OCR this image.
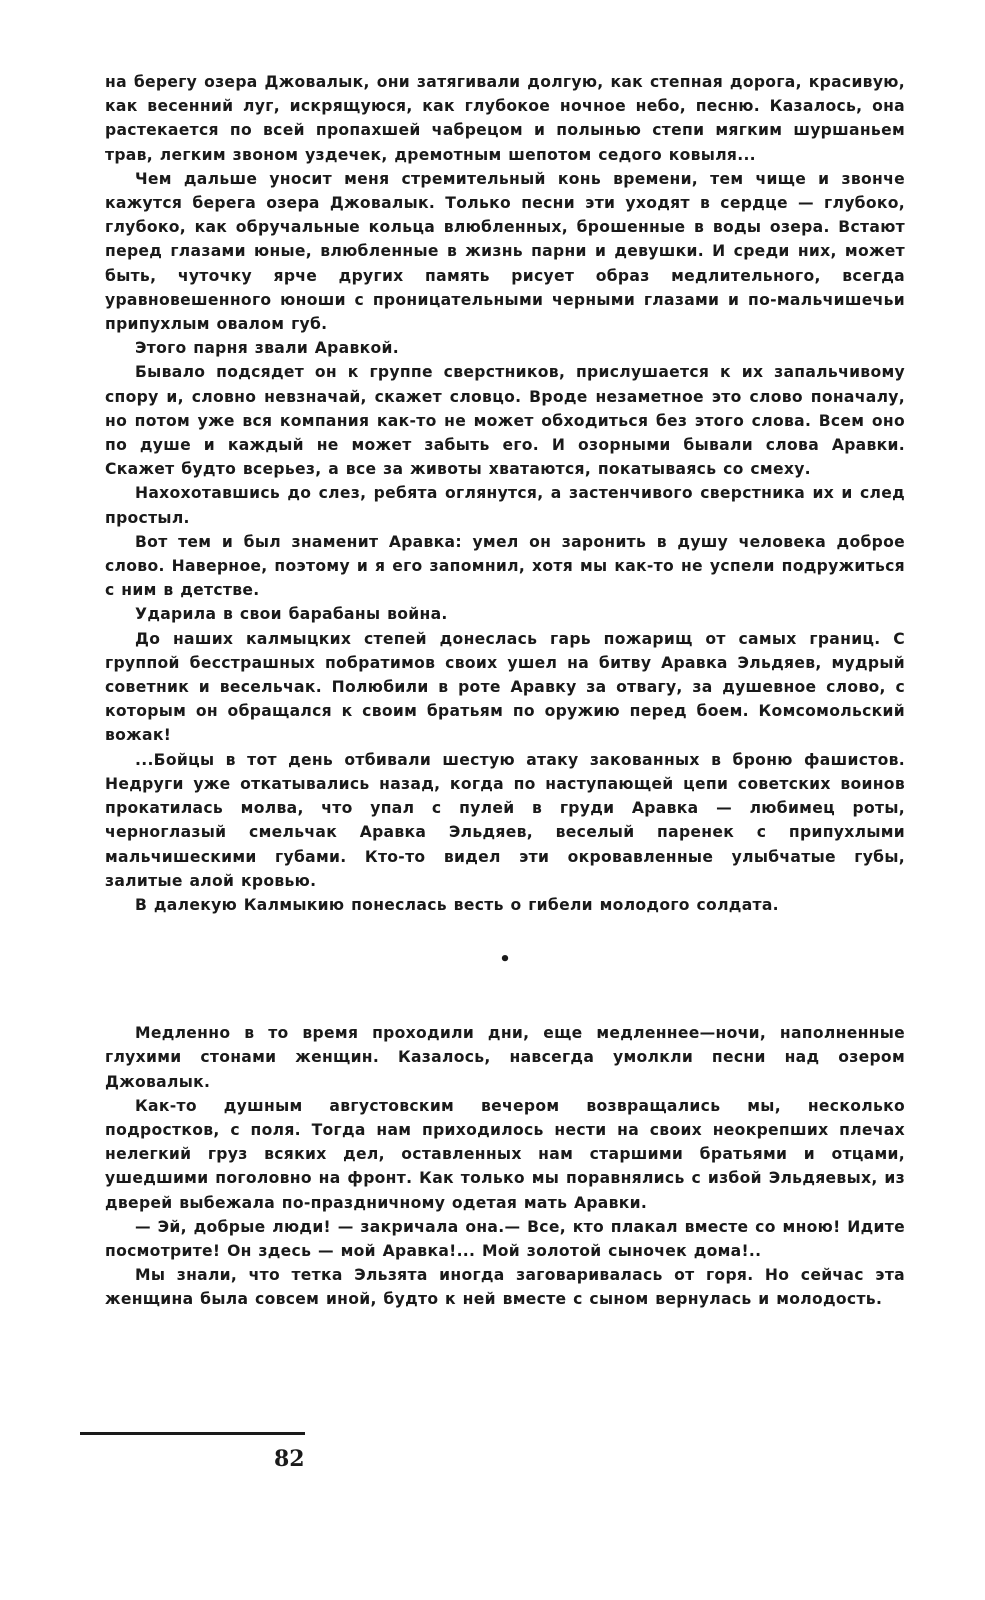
на берегу озера Джовалык, они затягивали долгую, как степная дорога, красивую, как весенний луг, искрящуюся, как глубокое ночное небо, песню. Казалось, она растекается по всей пропахшей чабрецом и полынью степи мягким шуршаньем трав, легким звоном уздечек, дремотным шепотом седого ковыля...

Чем дальше уносит меня стремительный конь времени, тем чище и звонче кажутся берега озера Джовалык. Только песни эти уходят в сердце — глубоко, глубоко, как обручальные кольца влюбленных, брошенные в воды озера. Встают перед глазами юные, влюбленные в жизнь парни и девушки. И среди них, может быть, чуточку ярче других память рисует образ медлительного, всегда уравновешенного юноши с проницательными черными глазами и по-мальчишечьи припухлым овалом губ.

Этого парня звали Аравкой.

Бывало подсядет он к группе сверстников, прислушается к их запальчивому спору и, словно невзначай, скажет словцо. Вроде незаметное это слово поначалу, но потом уже вся компания как-то не может обходиться без этого слова. Всем оно по душе и каждый не может забыть его. И озорными бывали слова Аравки. Скажет будто всерьез, а все за животы хватаются, покатываясь со смеху.

Нахохотавшись до слез, ребята оглянутся, а застенчивого сверстника их и след простыл.

Вот тем и был знаменит Аравка: умел он заронить в душу человека доброе слово. Наверное, поэтому и я его запомнил, хотя мы как-то не успели подружиться с ним в детстве.

Ударила в свои барабаны война.

До наших калмыцких степей донеслась гарь пожарищ от самых границ. С группой бесстрашных побратимов своих ушел на битву Аравка Эльдяев, мудрый советник и весельчак. Полюбили в роте Аравку за отвагу, за душевное слово, с которым он обращался к своим братьям по оружию перед боем. Комсомольский вожак!

...Бойцы в тот день отбивали шестую атаку закованных в броню фашистов. Недруги уже откатывались назад, когда по наступающей цепи советских воинов прокатилась молва, что упал с пулей в груди Аравка — любимец роты, черноглазый смельчак Аравка Эльдяев, веселый паренек с припухлыми мальчишескими губами. Кто-то видел эти окровавленные улыбчатые губы, залитые алой кровью.

В далекую Калмыкию понеслась весть о гибели молодого солдата.

•

Медленно в то время проходили дни, еще медленнее—ночи, наполненные глухими стонами женщин. Казалось, навсегда умолкли песни над озером Джовалык.

Как-то душным августовским вечером возвращались мы, несколько подростков, с поля. Тогда нам приходилось нести на своих неокрепших плечах нелегкий груз всяких дел, оставленных нам старшими братьями и отцами, ушедшими поголовно на фронт. Как только мы поравнялись с избой Эльдяевых, из дверей выбежала по-праздничному одетая мать Аравки.

— Эй, добрые люди! — закричала она.— Все, кто плакал вместе со мною! Идите посмотрите! Он здесь — мой Аравка!... Мой золотой сыночек дома!..

Мы знали, что тетка Эльзята иногда заговаривалась от горя. Но сейчас эта женщина была совсем иной, будто к ней вместе с сыном вернулась и молодость.

82
